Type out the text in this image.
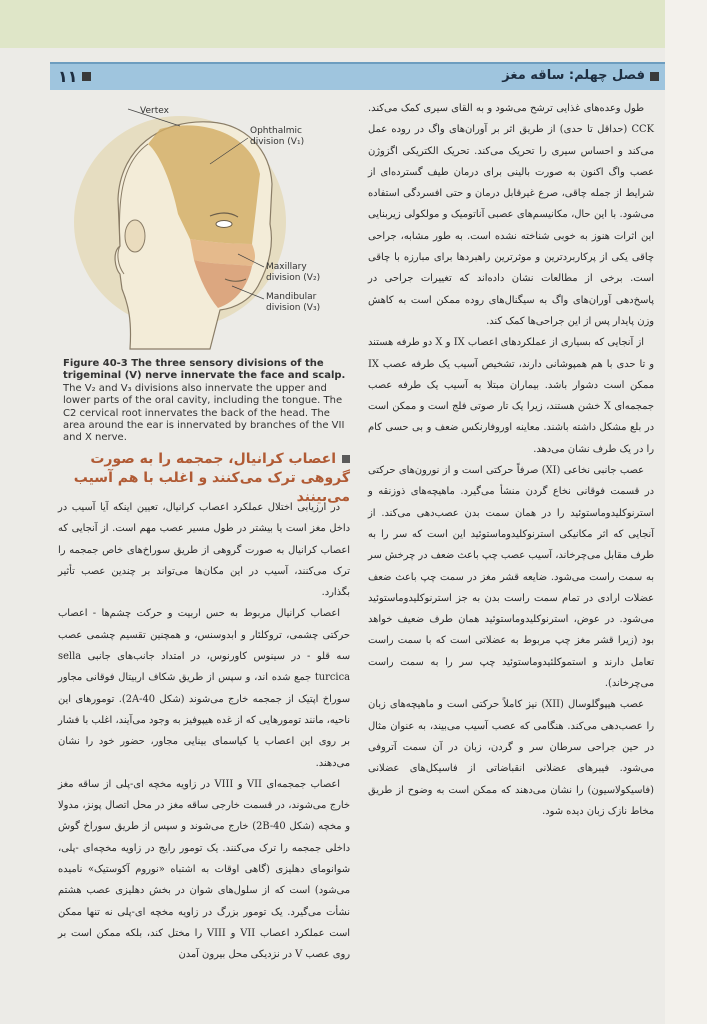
۱۱	فصل چهلم: ساقه مغز
Vertex
Ophthalmic
division (V₁)
Maxillary
division (V₂)
Mandibular
division (V₃)

Figure 40-3 The three sensory divisions of the trigeminal (V) nerve innervate the face and scalp. The V₂ and V₃ divisions also innervate the upper and lower parts of the oral cavity, including the tongue. The C2 cervical root innervates the back of the head. The area around the ear is innervated by branches of the VII and X nerve.

اعصاب کرانیال، جمجمه را به صورت گروهی ترک می‌کنند و اغلب با هم آسیب می‌بینند

در ارزیابی اختلال عملکرد اعصاب کرانیال، تعیین اینکه آیا آسیب در داخل مغز است یا بیشتر در طول مسیر عصب مهم است. از آنجایی که اعصاب کرانیال به صورت گروهی از طریق سوراخ‌های خاص جمجمه را ترک می‌کنند، آسیب در این مکان‌ها می‌تواند بر چندین عصب تأثیر بگذارد.

اعصاب کرانیال مربوط به حس اربیت و حرکت چشم‌ها - اعصاب حرکتی چشمی، تروکلئار و ابدوسنس، و همچنین تقسیم چشمی عصب سه قلو - در سینوس کاورنوس، در امتداد جانب‌های جانبی sella turcica جمع شده اند، و سپس از طریق شکاف اربیتال فوقانی مجاور سوراخ اپتیک از جمجمه خارج می‌شوند (شکل 2A-40). تومورهای این ناحیه، مانند تومورهایی که از غده هیپوفیز به وجود می‌آیند، اغلب با فشار بر روی این اعصاب یا کیاسمای بینایی مجاور، حضور خود را نشان می‌دهند.

اعصاب جمجمه‌ای VII و VIII در زاویه مخچه ای-پلی از ساقه مغز خارج می‌شوند، در قسمت خارجی ساقه مغز در محل اتصال پونز، مدولا و مخچه (شکل 2B-40) خارج می‌شوند و سپس از طریق سوراخ گوش داخلی جمجمه را ترک می‌کنند. یک تومور رایج در زاویه مخچه‌ای -پلی، شوانومای دهلیزی (گاهی اوقات به اشتباه «نوروم آکوستیک» نامیده می‌شود) است که از سلول‌های شوان در بخش دهلیزی عصب هشتم نشأت می‌گیرد. یک تومور بزرگ در زاویه مخچه ای-پلی نه تنها ممکن است عملکرد اعصاب VII و VIII را مختل کند، بلکه ممکن است بر روی عصب V در نزدیکی محل بیرون آمدن

طول وعده‌های غذایی ترشح می‌شود و به القای سیری کمک می‌کند. CCK (حداقل تا حدی) از طریق اثر بر آوران‌های واگ در روده عمل می‌کند و احساس سیری را تحریک می‌کند. تحریک الکتریکی اگزوژن عصب واگ اکنون به صورت بالینی برای درمان طیف گسترده‌ای از شرایط از جمله چاقی، صرع غیرقابل درمان و حتی افسردگی استفاده می‌شود. با این حال، مکانیسم‌های عصبی آناتومیک و مولکولی زیربنایی این اثرات هنوز به خوبی شناخته نشده است. به طور مشابه، جراحی چاقی یکی از پرکاربردترین و موثرترین راهبردها برای مبارزه با چاقی است. برخی از مطالعات نشان داده‌اند که تغییرات جراحی در پاسخ‌دهی آوران‌های واگ به سیگنال‌های روده ممکن است به کاهش وزن پایدار پس از این جراحی‌ها کمک کند.

از آنجایی که بسیاری از عملکردهای اعصاب IX و X دو طرفه هستند و تا حدی با هم همپوشانی دارند، تشخیص آسیب یک طرفه عصب IX ممکن است دشوار باشد. بیماران مبتلا به آسیب یک طرفه عصب جمجمه‌ای X خشن هستند، زیرا یک تار صوتی فلج است و ممکن است در بلع مشکل داشته باشند. معاینه اوروفارنکس ضعف و بی حسی کام را در یک طرف نشان می‌دهد.

عصب جانبی نخاعی (XI) صرفاً حرکتی است و از نورون‌های حرکتی در قسمت فوقانی نخاع گردن منشأ می‌گیرد. ماهیچه‌های ذوزنقه و استرنوکلیدوماستوئید را در همان سمت بدن عصب‌دهی می‌کند. از آنجایی که اثر مکانیکی استرنوکلیدوماستوئید این است که سر را به طرف مقابل می‌چرخاند، آسیب عصب چپ باعث ضعف در چرخش سر به سمت راست می‌شود. ضایعه قشر مغز در سمت چپ باعث ضعف عضلات ارادی در تمام سمت راست بدن به جز استرنوکلیدوماستوئید می‌شود. در عوض، استرنوکلیدوماستوئید همان طرف ضعیف خواهد بود (زیرا قشر مغز چپ مربوط به عضلاتی است که با سمت راست تعامل دارند و استموکلئیدوماستوئید چپ سر را به سمت راست می‌چرخاند).

عصب هیپوگلوسال (XII) نیز کاملاً حرکتی است و ماهیچه‌های زبان را عصب‌دهی می‌کند. هنگامی که عصب آسیب می‌بیند، به عنوان مثال در حین جراحی سرطان سر و گردن، زبان در آن سمت آتروفی می‌شود. فیبرهای عضلانی انقباضاتی از فاسیکل‌های عضلانی (فاسیکولاسیون) را نشان می‌دهند که ممکن است به وضوح از طریق مخاط نازک زبان دیده شود.
